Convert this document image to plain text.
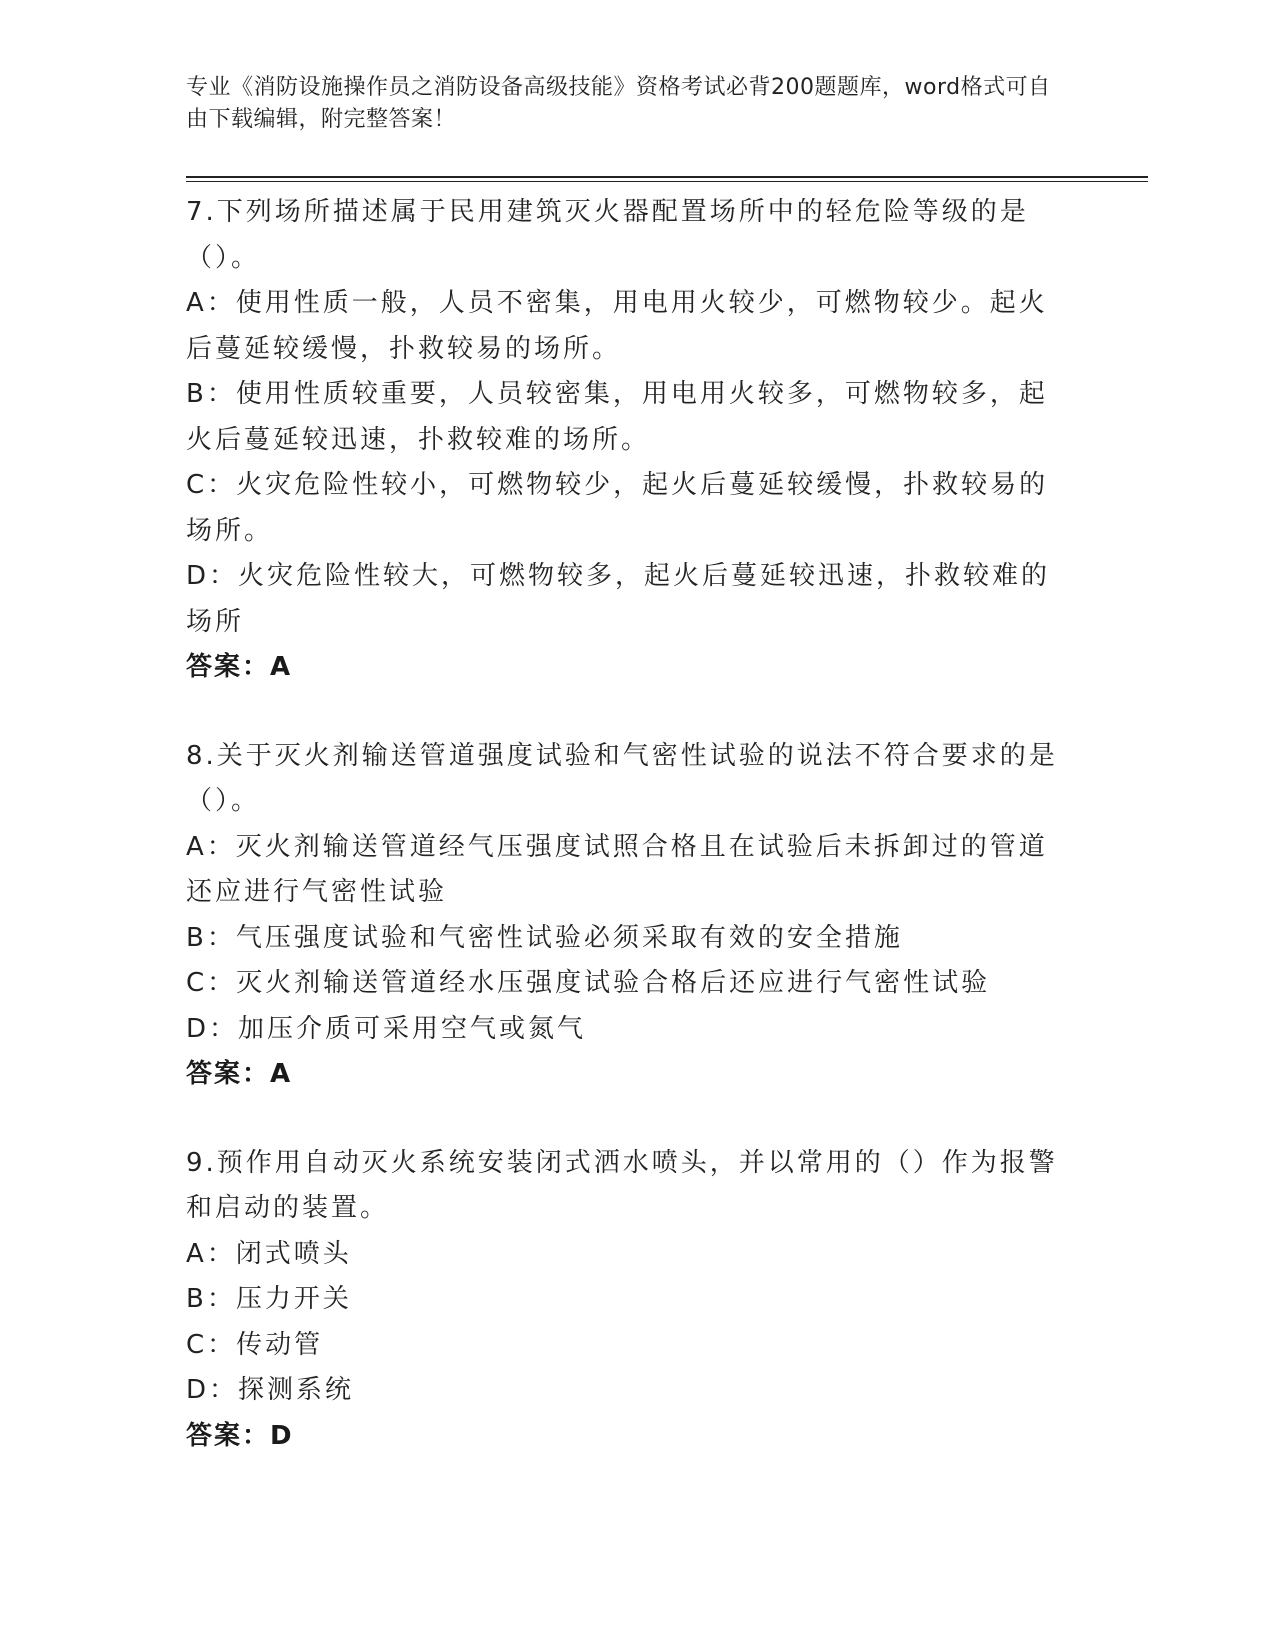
专业《消防设施操作员之消防设备高级技能》资格考试必背200题题库，word格式可自由下载编辑，附完整答案！
7.下列场所描述属于民用建筑灭火器配置场所中的轻危险等级的是（）。
A：使用性质一般，人员不密集，用电用火较少，可燃物较少。起火后蔓延较缓慢，扑救较易的场所。
B：使用性质较重要，人员较密集，用电用火较多，可燃物较多，起火后蔓延较迅速，扑救较难的场所。
C：火灾危险性较小，可燃物较少，起火后蔓延较缓慢，扑救较易的场所。
D：火灾危险性较大，可燃物较多，起火后蔓延较迅速，扑救较难的场所
答案：A
8.关于灭火剂输送管道强度试验和气密性试验的说法不符合要求的是（）。
A：灭火剂输送管道经气压强度试照合格且在试验后未拆卸过的管道还应进行气密性试验
B：气压强度试验和气密性试验必须采取有效的安全措施
C：灭火剂输送管道经水压强度试验合格后还应进行气密性试验
D：加压介质可采用空气或氮气
答案：A
9.预作用自动灭火系统安装闭式洒水喷头，并以常用的（）作为报警和启动的装置。
A：闭式喷头
B：压力开关
C：传动管
D：探测系统
答案：D
